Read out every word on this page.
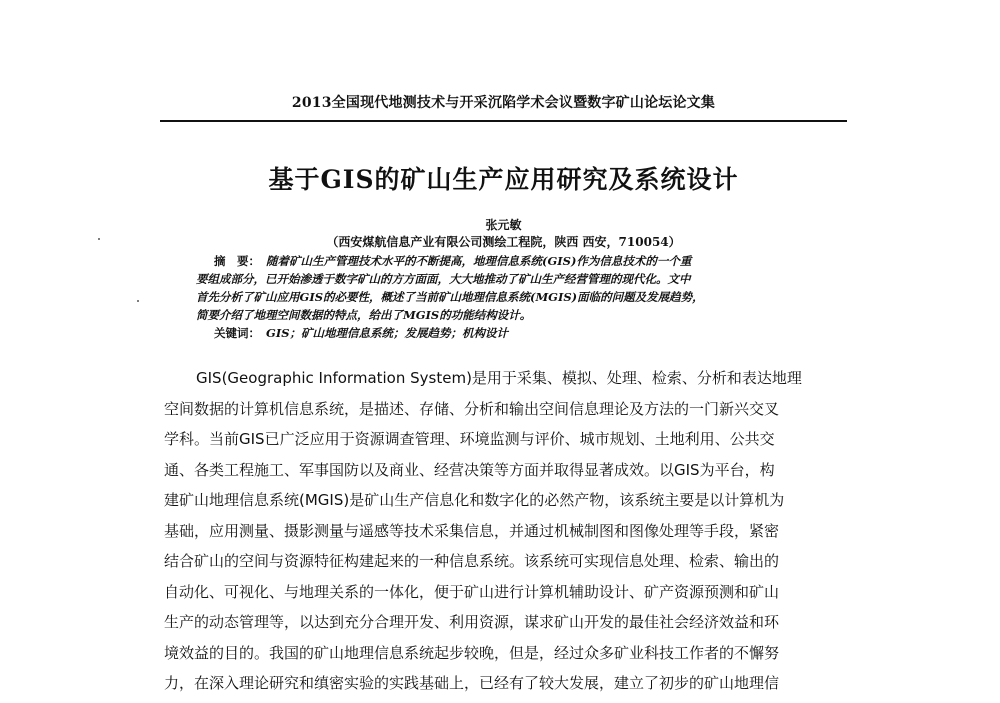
2013全国现代地测技术与开采沉陷学术会议暨数字矿山论坛论文集
基于GIS的矿山生产应用研究及系统设计
张元敏
（西安煤航信息产业有限公司测绘工程院，陕西 西安，710054）
摘　要： 随着矿山生产管理技术水平的不断提高，地理信息系统(GIS)作为信息技术的一个重
要组成部分，已开始渗透于数字矿山的方方面面，大大地推动了矿山生产经营管理的现代化。文中
首先分析了矿山应用GIS的必要性，概述了当前矿山地理信息系统(MGIS)面临的问题及发展趋势，
简要介绍了地理空间数据的特点，给出了MGIS的功能结构设计。
关键词： GIS；矿山地理信息系统；发展趋势；机构设计
GIS(Geographic Information System)是用于采集、模拟、处理、检索、分析和表达地理
空间数据的计算机信息系统，是描述、存储、分析和输出空间信息理论及方法的一门新兴交叉
学科。当前GIS已广泛应用于资源调查管理、环境监测与评价、城市规划、土地利用、公共交
通、各类工程施工、军事国防以及商业、经营决策等方面并取得显著成效。以GIS为平台，构
建矿山地理信息系统(MGIS)是矿山生产信息化和数字化的必然产物，该系统主要是以计算机为
基础，应用测量、摄影测量与遥感等技术采集信息，并通过机械制图和图像处理等手段，紧密
结合矿山的空间与资源特征构建起来的一种信息系统。该系统可实现信息处理、检索、输出的
自动化、可视化、与地理关系的一体化，便于矿山进行计算机辅助设计、矿产资源预测和矿山
生产的动态管理等，以达到充分合理开发、利用资源，谋求矿山开发的最佳社会经济效益和环
境效益的目的。我国的矿山地理信息系统起步较晚，但是，经过众多矿业科技工作者的不懈努
力，在深入理论研究和缜密实验的实践基础上，已经有了较大发展，建立了初步的矿山地理信
